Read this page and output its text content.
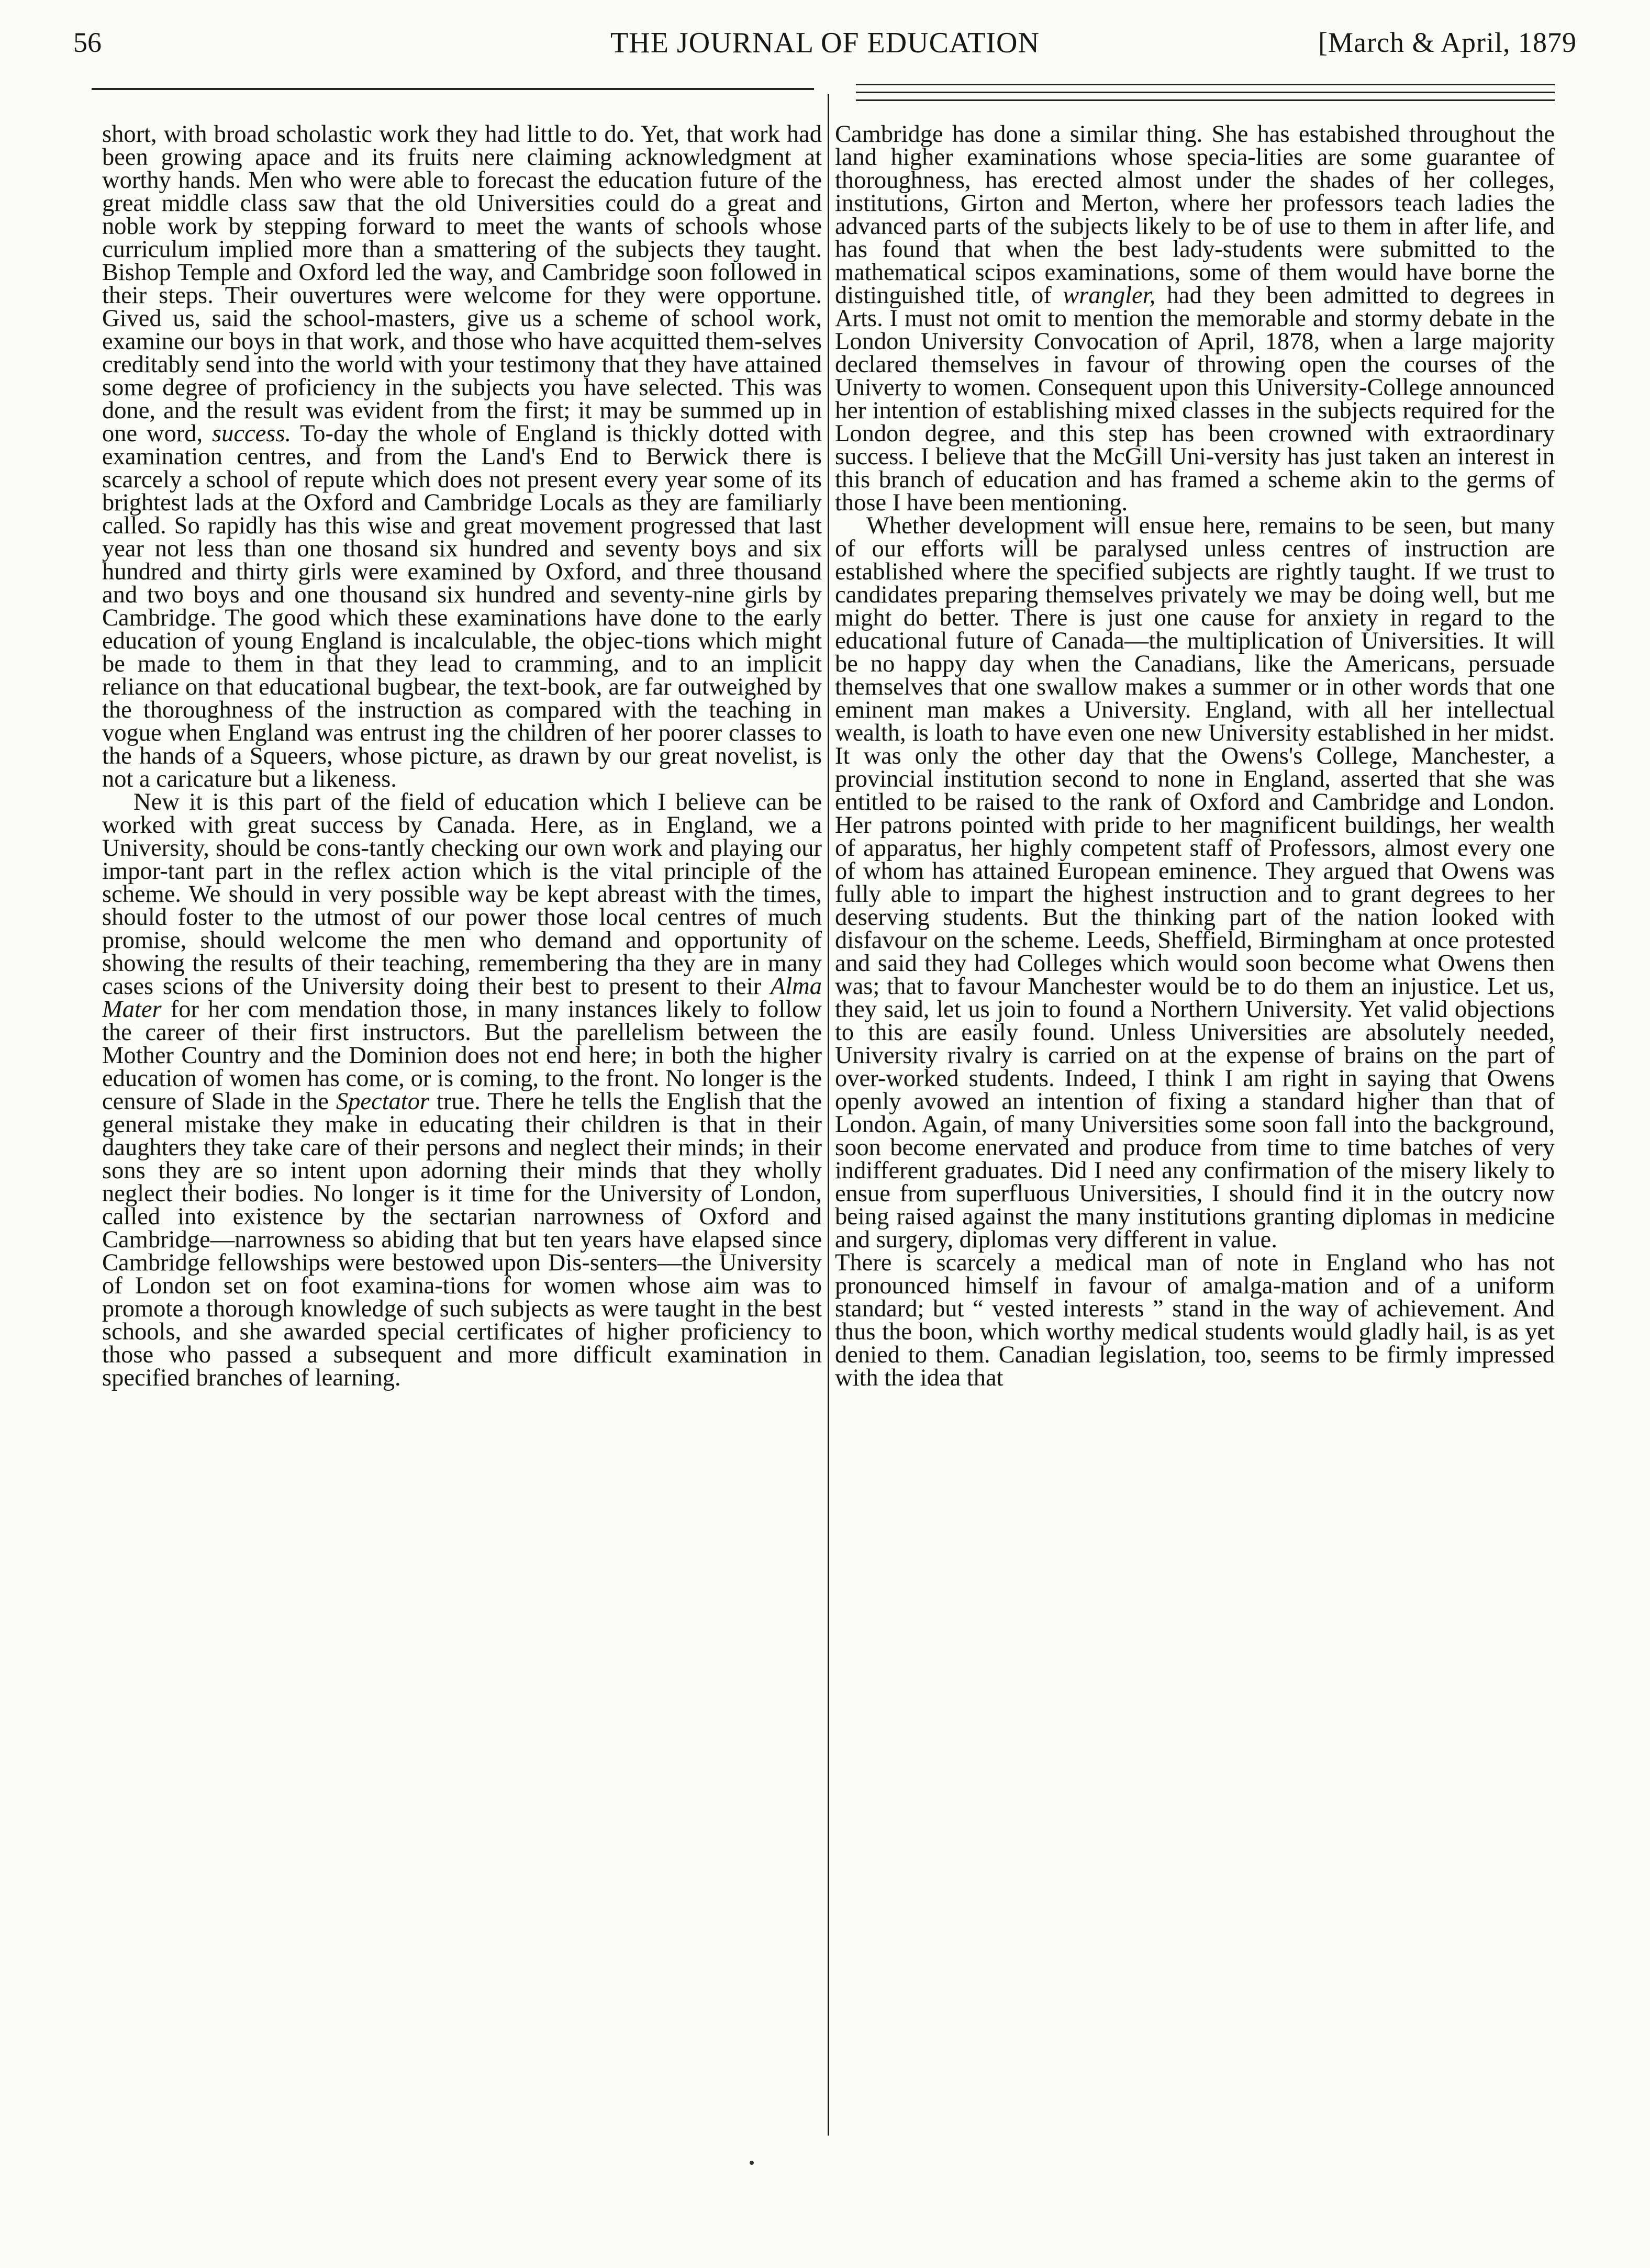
56	THE JOURNAL OF EDUCATION	[March & April, 1879

short, with broad scholastic work they had little to do. Yet, that work had been growing apace and its fruits nere claiming acknowledgment at worthy hands. Men who were able to forecast the education future of the great middle class saw that the old Universities could do a great and noble work by stepping forward to meet the wants of schools whose curriculum implied more than a smattering of the subjects they taught. Bishop Temple and Oxford led the way, and Cambridge soon followed in their steps. Their ouvertures were welcome for they were opportune. Gived us, said the school-masters, give us a scheme of school work, examine our boys in that work, and those who have acquitted them-selves creditably send into the world with your testimony that they have attained some degree of proficiency in the subjects you have selected. This was done, and the result was evident from the first; it may be summed up in one word, success. To-day the whole of England is thickly dotted with examination centres, and from the Land's End to Berwick there is scarcely a school of repute which does not present every year some of its brightest lads at the Oxford and Cambridge Locals as they are familiarly called. So rapidly has this wise and great movement progressed that last year not less than one thosand six hundred and seventy boys and six hundred and thirty girls were examined by Oxford, and three thousand and two boys and one thousand six hundred and seventy-nine girls by Cambridge. The good which these examinations have done to the early education of young England is incalculable, the objec-tions which might be made to them in that they lead to cramming, and to an implicit reliance on that educational bugbear, the text-book, are far outweighed by the thoroughness of the instruction as compared with the teaching in vogue when England was entrust ing the children of her poorer classes to the hands of a Squeers, whose picture, as drawn by our great novelist, is not a caricature but a likeness.

New it is this part of the field of education which I believe can be worked with great success by Canada. Here, as in England, we a University, should be cons-tantly checking our own work and playing our impor-tant part in the reflex action which is the vital principle of the scheme. We should in very possible way be kept abreast with the times, should foster to the utmost of our power those local centres of much promise, should welcome the men who demand and opportunity of showing the results of their teaching, remembering tha they are in many cases scions of the University doing their best to present to their Alma Mater for her com mendation those, in many instances likely to follow the career of their first instructors. But the parellelism between the Mother Country and the Dominion does not end here; in both the higher education of women has come, or is coming, to the front. No longer is the censure of Slade in the Spectator true. There he tells the English that the general mistake they make in educating their children is that in their daughters they take care of their persons and neglect their minds; in their sons they are so intent upon adorning their minds that they wholly neglect their bodies. No longer is it time for the University of London, called into existence by the sectarian narrowness of Oxford and Cambridge—narrowness so abiding that but ten years have elapsed since Cambridge fellowships were bestowed upon Dis-senters—the University of London set on foot examina-tions for women whose aim was to promote a thorough knowledge of such subjects as were taught in the best schools, and she awarded special certificates of higher proficiency to those who passed a subsequent and more difficult examination in specified branches of learning.

Cambridge has done a similar thing. She has estabished throughout the land higher examinations whose specia-lities are some guarantee of thoroughness, has erected almost under the shades of her colleges, institutions, Girton and Merton, where her professors teach ladies the advanced parts of the subjects likely to be of use to them in after life, and has found that when the best lady-students were submitted to the mathematical scipos examinations, some of them would have borne the distinguished title, of wrangler, had they been admitted to degrees in Arts. I must not omit to mention the memorable and stormy debate in the London University Convocation of April, 1878, when a large majority declared themselves in favour of throwing open the courses of the Univerty to women. Consequent upon this University-College announced her intention of establishing mixed classes in the subjects required for the London degree, and this step has been crowned with extraordinary success. I believe that the McGill Uni-versity has just taken an interest in this branch of education and has framed a scheme akin to the germs of those I have been mentioning.

Whether development will ensue here, remains to be seen, but many of our efforts will be paralysed unless centres of instruction are established where the specified subjects are rightly taught. If we trust to candidates preparing themselves privately we may be doing well, but me might do better. There is just one cause for anxiety in regard to the educational future of Canada—the multiplication of Universities. It will be no happy day when the Canadians, like the Americans, persuade themselves that one swallow makes a summer or in other words that one eminent man makes a University. England, with all her intellectual wealth, is loath to have even one new University established in her midst. It was only the other day that the Owens's College, Manchester, a provincial institution second to none in England, asserted that she was entitled to be raised to the rank of Oxford and Cambridge and London. Her patrons pointed with pride to her magnificent buildings, her wealth of apparatus, her highly competent staff of Professors, almost every one of whom has attained European eminence. They argued that Owens was fully able to impart the highest instruction and to grant degrees to her deserving students. But the thinking part of the nation looked with disfavour on the scheme. Leeds, Sheffield, Birmingham at once protested and said they had Colleges which would soon become what Owens then was; that to favour Manchester would be to do them an injustice. Let us, they said, let us join to found a Northern University. Yet valid objections to this are easily found. Unless Universities are absolutely needed, University rivalry is carried on at the expense of brains on the part of over-worked students. Indeed, I think I am right in saying that Owens openly avowed an intention of fixing a standard higher than that of London. Again, of many Universities some soon fall into the background, soon become enervated and produce from time to time batches of very indifferent graduates. Did I need any confirmation of the misery likely to ensue from superfluous Universities, I should find it in the outcry now being raised against the many institutions granting diplomas in medicine and surgery, diplomas very different in value.

There is scarcely a medical man of note in England who has not pronounced himself in favour of amalga-mation and of a uniform standard; but “ vested interests ” stand in the way of achievement. And thus the boon, which worthy medical students would gladly hail, is as yet denied to them. Canadian legislation, too, seems to be firmly impressed with the idea that
